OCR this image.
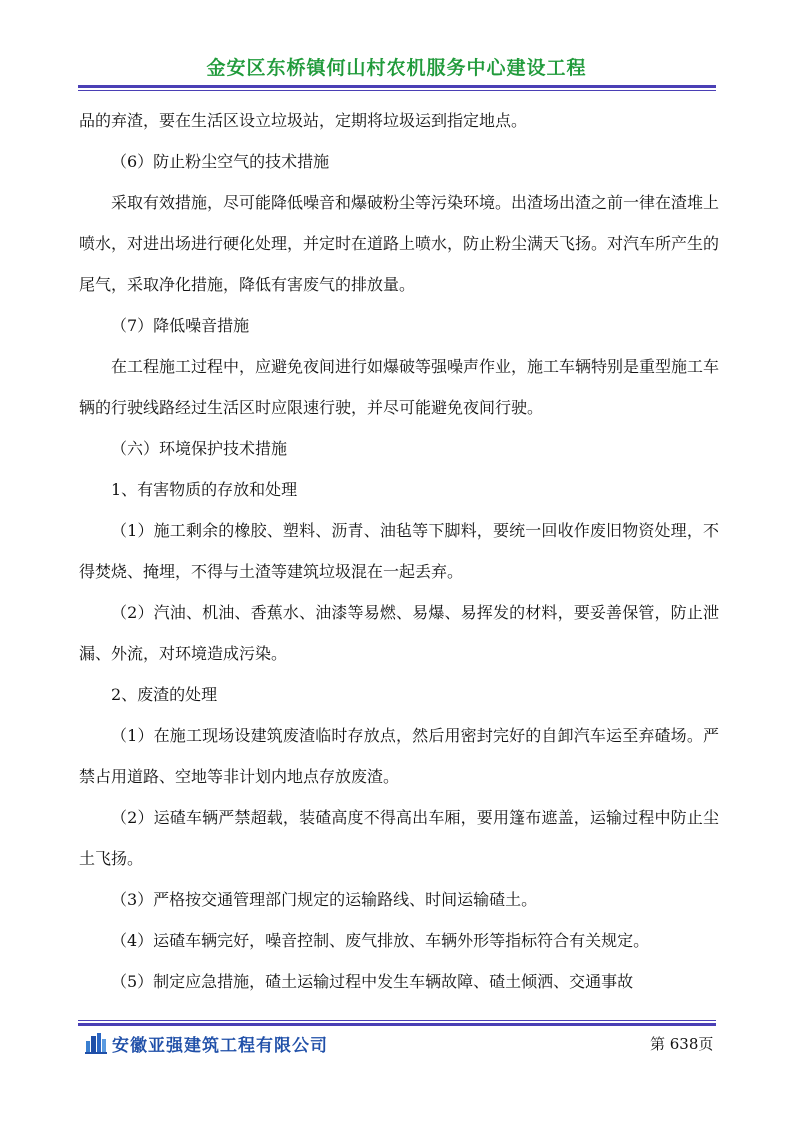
金安区东桥镇何山村农机服务中心建设工程

品的弃渣，要在生活区设立垃圾站，定期将垃圾运到指定地点。

（6）防止粉尘空气的技术措施

采取有效措施，尽可能降低噪音和爆破粉尘等污染环境。出渣场出渣之前一律在渣堆上喷水，对进出场进行硬化处理，并定时在道路上喷水，防止粉尘满天飞扬。对汽车所产生的尾气，采取净化措施，降低有害废气的排放量。

（7）降低噪音措施

在工程施工过程中，应避免夜间进行如爆破等强噪声作业，施工车辆特别是重型施工车辆的行驶线路经过生活区时应限速行驶，并尽可能避免夜间行驶。

（六）环境保护技术措施

1、有害物质的存放和处理

（1）施工剩余的橡胶、塑料、沥青、油毡等下脚料，要统一回收作废旧物资处理，不得焚烧、掩埋，不得与土渣等建筑垃圾混在一起丢弃。

（2）汽油、机油、香蕉水、油漆等易燃、易爆、易挥发的材料，要妥善保管，防止泄漏、外流，对环境造成污染。

2、废渣的处理

（1）在施工现场设建筑废渣临时存放点，然后用密封完好的自卸汽车运至弃碴场。严禁占用道路、空地等非计划内地点存放废渣。

（2）运碴车辆严禁超载，装碴高度不得高出车厢，要用篷布遮盖，运输过程中防止尘土飞扬。

（3）严格按交通管理部门规定的运输路线、时间运输碴土。

（4）运碴车辆完好，噪音控制、废气排放、车辆外形等指标符合有关规定。

（5）制定应急措施，碴土运输过程中发生车辆故障、碴土倾洒、交通事故

安徽亚强建筑工程有限公司	第 638页
